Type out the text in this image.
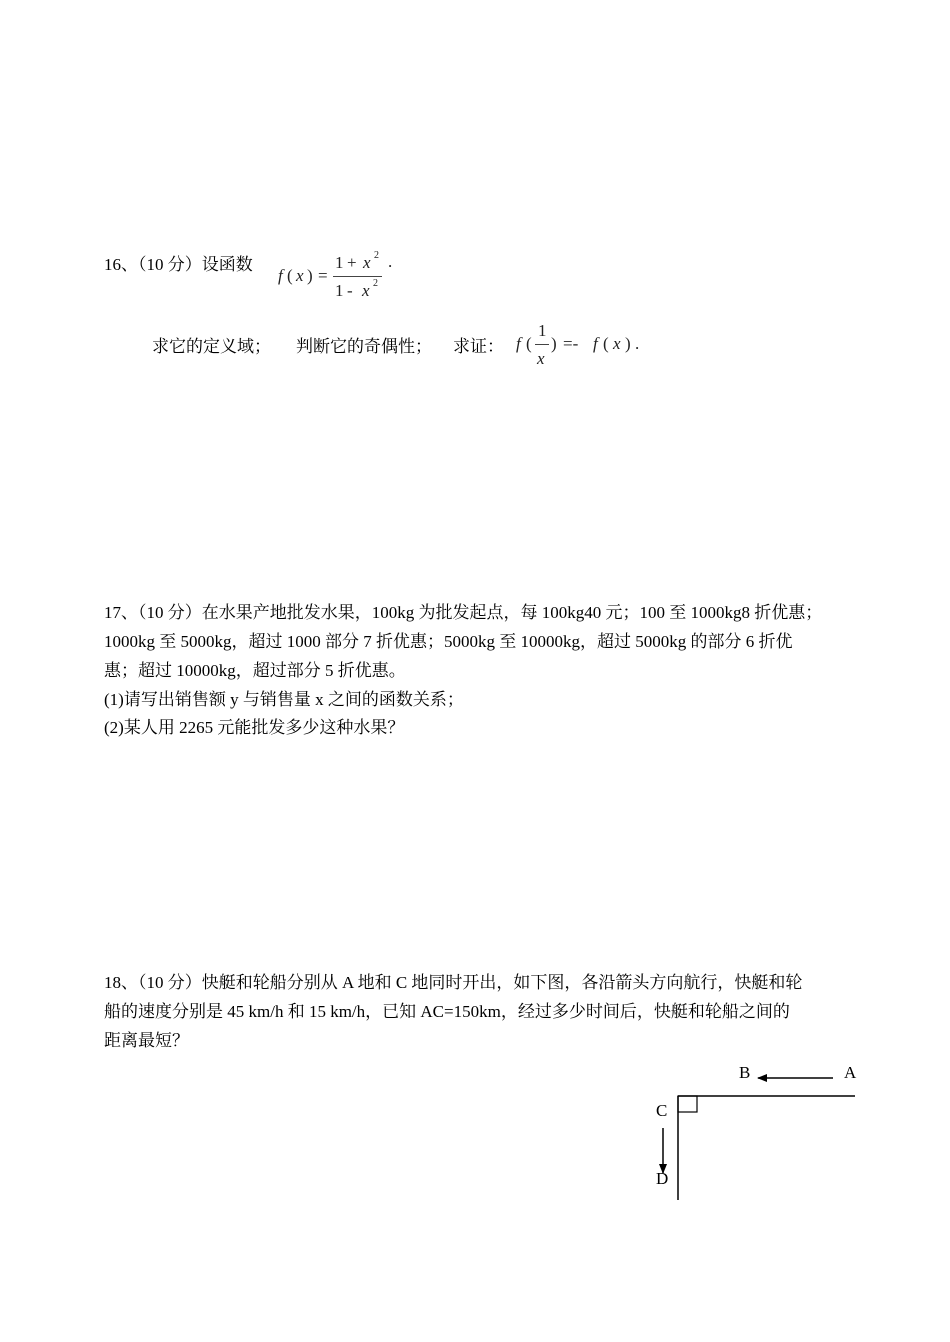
16、（10 分）设函数
f ( x ) =
1 + x 2
1 - x 2
.
求它的定义域； 判断它的奇偶性； 求证： f (
1
x
) =- f ( x ) .
17、（10 分）在水果产地批发水果，100kg 为批发起点，每 100kg40 元；100 至 1000kg8 折优惠；
1000kg 至 5000kg，超过 1000 部分 7 折优惠；5000kg 至 10000kg，超过 5000kg 的部分 6 折优
惠；超过 10000kg，超过部分 5 折优惠。
(1)请写出销售额 y 与销售量 x 之间的函数关系；
(2)某人用 2265 元能批发多少这种水果？
18、（10 分）快艇和轮船分别从 A 地和 C 地同时开出，如下图，各沿箭头方向航行，快艇和轮
船的速度分别是 45 km/h 和 15 km/h，已知 AC=150km，经过多少时间后，快艇和轮船之间的
距离最短？
B	A
C
D
